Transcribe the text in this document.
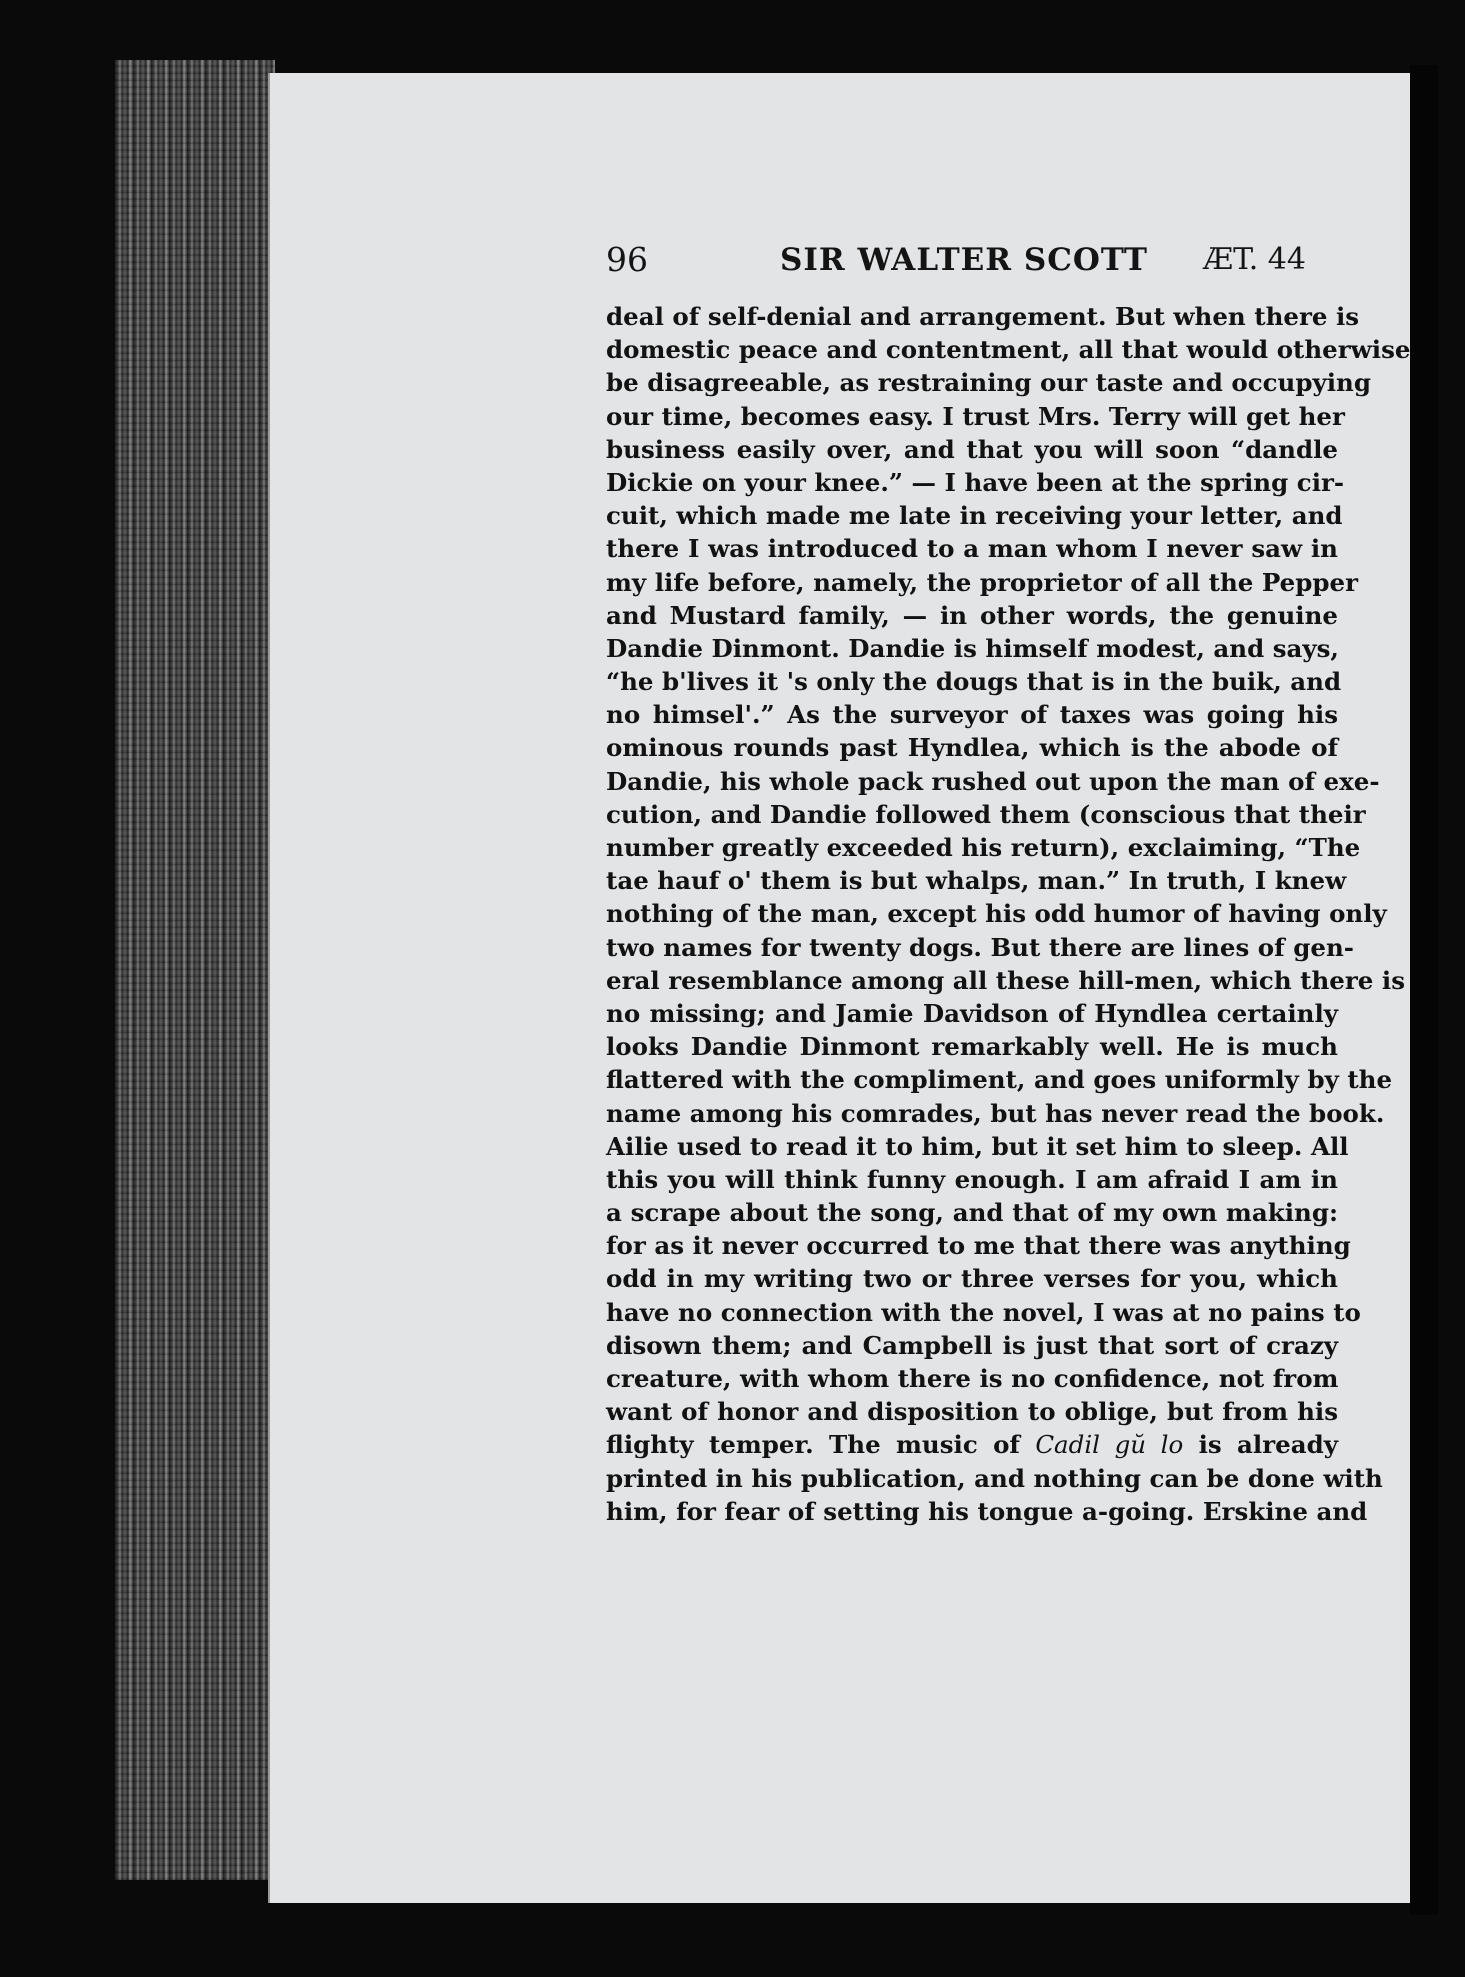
96	SIR WALTER SCOTT ÆT. 44
deal of self-denial and arrangement. But when there is
domestic peace and contentment, all that would otherwise
be disagreeable, as restraining our taste and occupying
our time, becomes easy. I trust Mrs. Terry will get her
business easily over, and that you will soon “dandle
Dickie on your knee.” — I have been at the spring cir-
cuit, which made me late in receiving your letter, and
there I was introduced to a man whom I never saw in
my life before, namely, the proprietor of all the Pepper
and Mustard family, — in other words, the genuine
Dandie Dinmont. Dandie is himself modest, and says,
“he b'lives it 's only the dougs that is in the buik, and
no himsel'.” As the surveyor of taxes was going his
ominous rounds past Hyndlea, which is the abode of
Dandie, his whole pack rushed out upon the man of exe-
cution, and Dandie followed them (conscious that their
number greatly exceeded his return), exclaiming, “The
tae hauf o' them is but whalps, man.” In truth, I knew
nothing of the man, except his odd humor of having only
two names for twenty dogs. But there are lines of gen-
eral resemblance among all these hill-men, which there is
no missing; and Jamie Davidson of Hyndlea certainly
looks Dandie Dinmont remarkably well. He is much
flattered with the compliment, and goes uniformly by the
name among his comrades, but has never read the book.
Ailie used to read it to him, but it set him to sleep. All
this you will think funny enough. I am afraid I am in
a scrape about the song, and that of my own making:
for as it never occurred to me that there was anything
odd in my writing two or three verses for you, which
have no connection with the novel, I was at no pains to
disown them; and Campbell is just that sort of crazy
creature, with whom there is no confidence, not from
want of honor and disposition to oblige, but from his
flighty temper. The music of Cadil gŭ lo is already
printed in his publication, and nothing can be done with
him, for fear of setting his tongue a-going. Erskine and
